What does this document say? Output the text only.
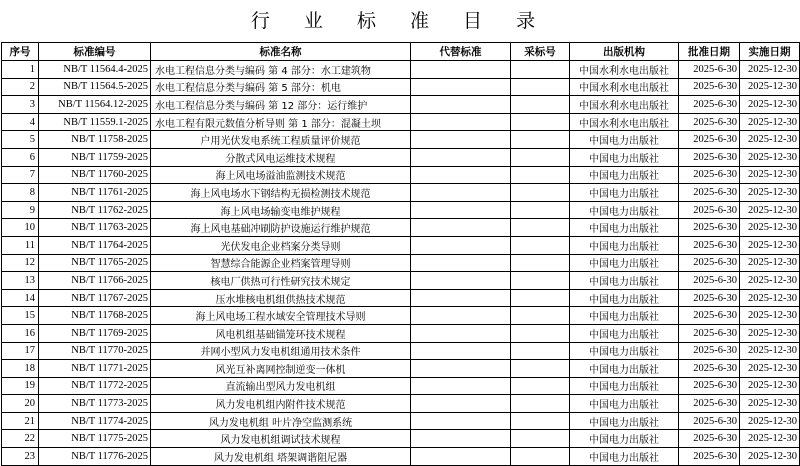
行 业 标 准 目 录
序号	标准编号	标准名称	代替标准	采标号	出版机构	批准日期	实施日期
1	NB/T 11564.4-2025	水电工程信息分类与编码 第 4 部分：水工建筑物			中国水利水电出版社	2025-6-30	2025-12-30
2	NB/T 11564.5-2025	水电工程信息分类与编码 第 5 部分：机电			中国水利水电出版社	2025-6-30	2025-12-30
3	NB/T 11564.12-2025	水电工程信息分类与编码 第 12 部分：运行维护			中国水利水电出版社	2025-6-30	2025-12-30
4	NB/T 11559.1-2025	水电工程有限元数值分析导则 第 1 部分：混凝土坝			中国水利水电出版社	2025-6-30	2025-12-30
5	NB/T 11758-2025	户用光伏发电系统工程质量评价规范			中国电力出版社	2025-6-30	2025-12-30
6	NB/T 11759-2025	分散式风电运维技术规程			中国电力出版社	2025-6-30	2025-12-30
7	NB/T 11760-2025	海上风电场溢油监测技术规范			中国电力出版社	2025-6-30	2025-12-30
8	NB/T 11761-2025	海上风电场水下钢结构无损检测技术规范			中国电力出版社	2025-6-30	2025-12-30
9	NB/T 11762-2025	海上风电场输变电维护规程			中国电力出版社	2025-6-30	2025-12-30
10	NB/T 11763-2025	海上风电基础冲刷防护设施运行维护规范			中国电力出版社	2025-6-30	2025-12-30
11	NB/T 11764-2025	光伏发电企业档案分类导则			中国电力出版社	2025-6-30	2025-12-30
12	NB/T 11765-2025	智慧综合能源企业档案管理导则			中国电力出版社	2025-6-30	2025-12-30
13	NB/T 11766-2025	核电厂供热可行性研究技术规定			中国电力出版社	2025-6-30	2025-12-30
14	NB/T 11767-2025	压水堆核电机组供热技术规范			中国电力出版社	2025-6-30	2025-12-30
15	NB/T 11768-2025	海上风电场工程水域安全管理技术导则			中国电力出版社	2025-6-30	2025-12-30
16	NB/T 11769-2025	风电机组基础锚笼环技术规程			中国电力出版社	2025-6-30	2025-12-30
17	NB/T 11770-2025	并网小型风力发电机组通用技术条件			中国电力出版社	2025-6-30	2025-12-30
18	NB/T 11771-2025	风光互补离网控制逆变一体机			中国电力出版社	2025-6-30	2025-12-30
19	NB/T 11772-2025	直流输出型风力发电机组			中国电力出版社	2025-6-30	2025-12-30
20	NB/T 11773-2025	风力发电机组内附件技术规范			中国电力出版社	2025-6-30	2025-12-30
21	NB/T 11774-2025	风力发电机组 叶片净空监测系统			中国电力出版社	2025-6-30	2025-12-30
22	NB/T 11775-2025	风力发电机组调试技术规程			中国电力出版社	2025-6-30	2025-12-30
23	NB/T 11776-2025	风力发电机组 塔架调谐阻尼器			中国电力出版社	2025-6-30	2025-12-30
